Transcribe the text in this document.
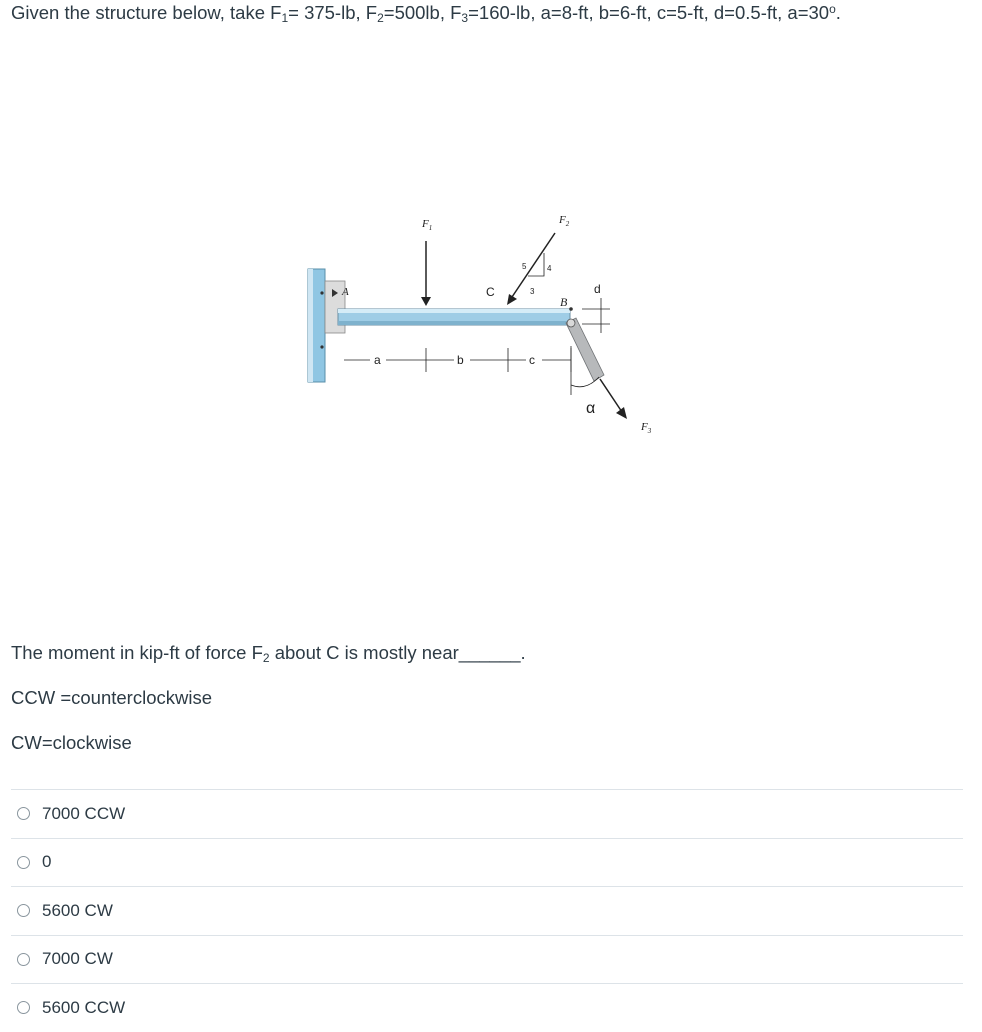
Given the structure below, take $F_1= 375-lb$, $F_2=500lb$, $F_3=160-lb$, a=8-ft, b=6-ft, c=5-ft, d=0.5-ft, $a=30^o$.
A
$F_1$
$F_2$
5	4
3
C
B
d
$F_3$
α
a	b	c
The moment in kip-ft of force $F_2$ about C is mostly near______.
CCW =counterclockwise
CW=clockwise
7000 CCW
0
5600 CW
7000 CW
5600 CCW
